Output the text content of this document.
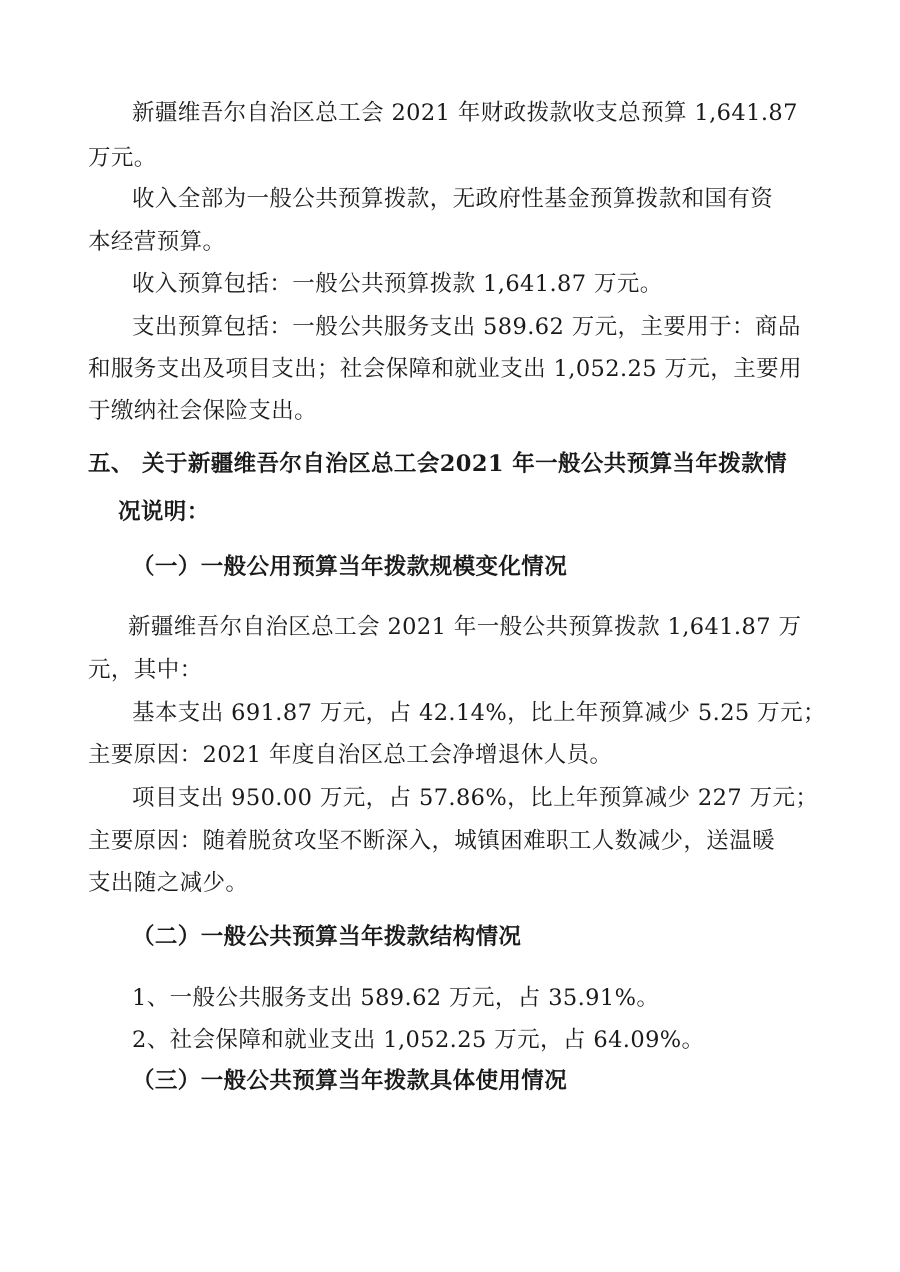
新疆维吾尔自治区总工会 2021 年财政拨款收支总预算 1,641.87
万元。
收入全部为一般公共预算拨款，无政府性基金预算拨款和国有资
本经营预算。
收入预算包括：一般公共预算拨款 1,641.87 万元。
支出预算包括：一般公共服务支出 589.62 万元，主要用于：商品
和服务支出及项目支出；社会保障和就业支出 1,052.25 万元，主要用
于缴纳社会保险支出。
五、 关于新疆维吾尔自治区总工会2021 年一般公共预算当年拨款情
况说明：
（一）一般公用预算当年拨款规模变化情况
新疆维吾尔自治区总工会 2021 年一般公共预算拨款 1,641.87 万
元，其中：
基本支出 691.87 万元，占 42.14%，比上年预算减少 5.25 万元；
主要原因：2021 年度自治区总工会净增退休人员。
项目支出 950.00 万元，占 57.86%，比上年预算减少 227 万元；
主要原因：随着脱贫攻坚不断深入，城镇困难职工人数减少，送温暖
支出随之减少。
（二）一般公共预算当年拨款结构情况
1、一般公共服务支出 589.62 万元，占 35.91%。
2、社会保障和就业支出 1,052.25 万元，占 64.09%。
（三）一般公共预算当年拨款具体使用情况
